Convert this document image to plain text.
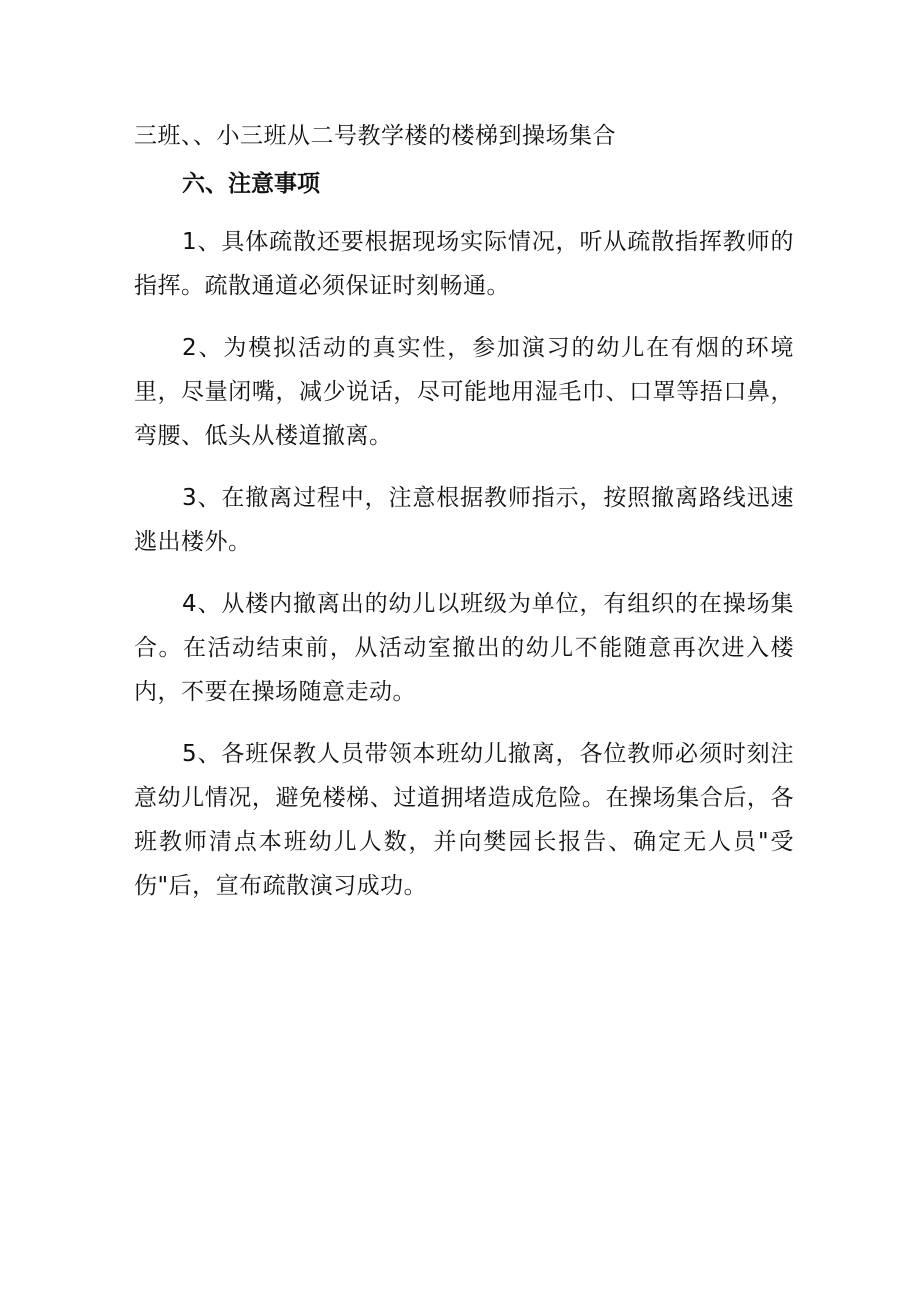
三班、、小三班从二号教学楼的楼梯到操场集合

六、注意事项

1、具体疏散还要根据现场实际情况，听从疏散指挥教师的指挥。疏散通道必须保证时刻畅通。

2、为模拟活动的真实性，参加演习的幼儿在有烟的环境里，尽量闭嘴，减少说话，尽可能地用湿毛巾、口罩等捂口鼻，弯腰、低头从楼道撤离。

3、在撤离过程中，注意根据教师指示，按照撤离路线迅速逃出楼外。

4、从楼内撤离出的幼儿以班级为单位，有组织的在操场集合。在活动结束前，从活动室撤出的幼儿不能随意再次进入楼内，不要在操场随意走动。

5、各班保教人员带领本班幼儿撤离，各位教师必须时刻注意幼儿情况，避免楼梯、过道拥堵造成危险。在操场集合后，各班教师清点本班幼儿人数，并向樊园长报告、确定无人员"受伤"后，宣布疏散演习成功。
